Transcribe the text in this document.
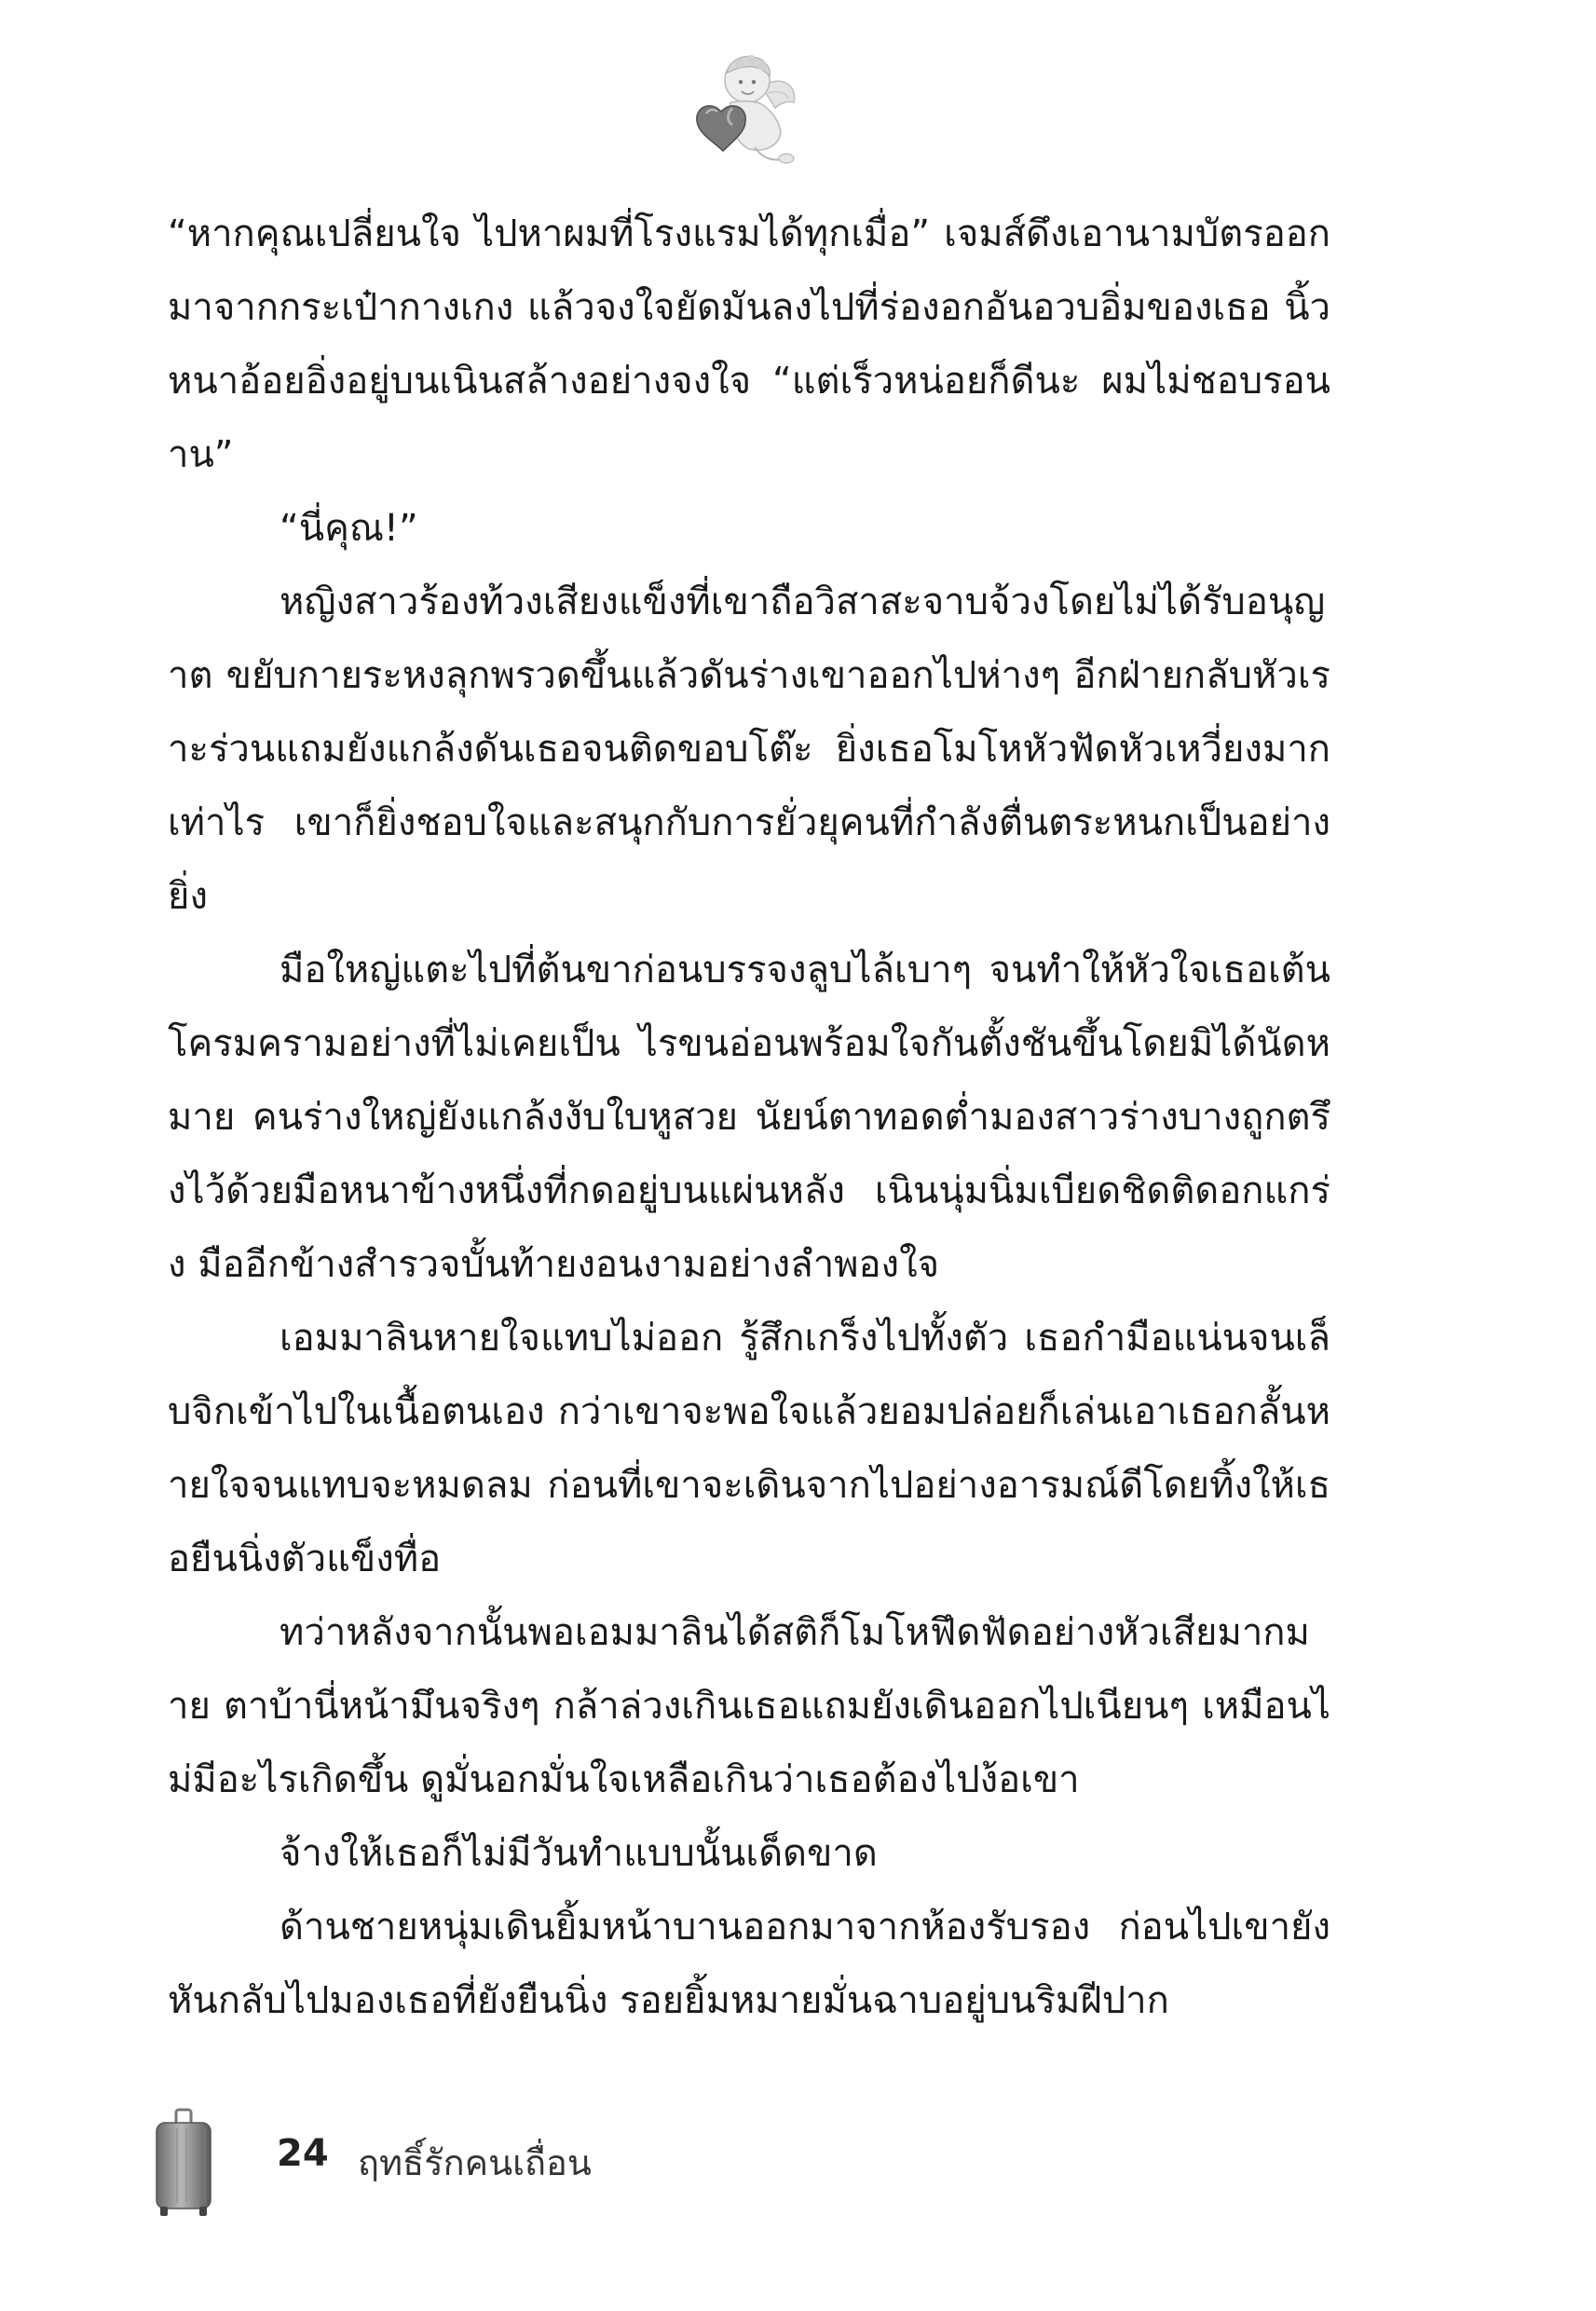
“หากคุณเปลี่ยนใจ ไปหาผมที่โรงแรมได้ทุกเมื่อ” เจมส์ดึงเอานามบัตรออกมาจากกระเป๋ากางเกง แล้วจงใจยัดมันลงไปที่ร่องอกอันอวบอิ่มของเธอ นิ้วหนาอ้อยอิ่งอยู่บนเนินสล้างอย่างจงใจ “แต่เร็วหน่อยก็ดีนะ ผมไม่ชอบรอนาน”

“นี่คุณ!”

หญิงสาวร้องท้วงเสียงแข็งที่เขาถือวิสาสะจาบจ้วงโดยไม่ได้รับอนุญาต ขยับกายระหงลุกพรวดขึ้นแล้วดันร่างเขาออกไปห่างๆ อีกฝ่ายกลับหัวเราะร่วนแถมยังแกล้งดันเธอจนติดขอบโต๊ะ ยิ่งเธอโมโหหัวฟัดหัวเหวี่ยงมากเท่าไร เขาก็ยิ่งชอบใจและสนุกกับการยั่วยุคนที่กำลังตื่นตระหนกเป็นอย่างยิ่ง

มือใหญ่แตะไปที่ต้นขาก่อนบรรจงลูบไล้เบาๆ จนทำให้หัวใจเธอเต้นโครมครามอย่างที่ไม่เคยเป็น ไรขนอ่อนพร้อมใจกันตั้งชันขึ้นโดยมิได้นัดหมาย คนร่างใหญ่ยังแกล้งงับใบหูสวย นัยน์ตาทอดต่ำมองสาวร่างบางถูกตรึงไว้ด้วยมือหนาข้างหนึ่งที่กดอยู่บนแผ่นหลัง เนินนุ่มนิ่มเบียดชิดติดอกแกร่ง มืออีกข้างสำรวจบั้นท้ายงอนงามอย่างลำพองใจ

เอมมาลินหายใจแทบไม่ออก รู้สึกเกร็งไปทั้งตัว เธอกำมือแน่นจนเล็บจิกเข้าไปในเนื้อตนเอง กว่าเขาจะพอใจแล้วยอมปล่อยก็เล่นเอาเธอกลั้นหายใจจนแทบจะหมดลม ก่อนที่เขาจะเดินจากไปอย่างอารมณ์ดีโดยทิ้งให้เธอยืนนิ่งตัวแข็งทื่อ

ทว่าหลังจากนั้นพอเอมมาลินได้สติก็โมโหฟึดฟัดอย่างหัวเสียมากมาย ตาบ้านี่หน้ามึนจริงๆ กล้าล่วงเกินเธอแถมยังเดินออกไปเนียนๆ เหมือนไม่มีอะไรเกิดขึ้น ดูมั่นอกมั่นใจเหลือเกินว่าเธอต้องไปง้อเขา

จ้างให้เธอก็ไม่มีวันทำแบบนั้นเด็ดขาด

ด้านชายหนุ่มเดินยิ้มหน้าบานออกมาจากห้องรับรอง ก่อนไปเขายังหันกลับไปมองเธอที่ยังยืนนิ่ง รอยยิ้มหมายมั่นฉาบอยู่บนริมฝีปาก

24 ฤทธิ์รักคนเถื่อน
